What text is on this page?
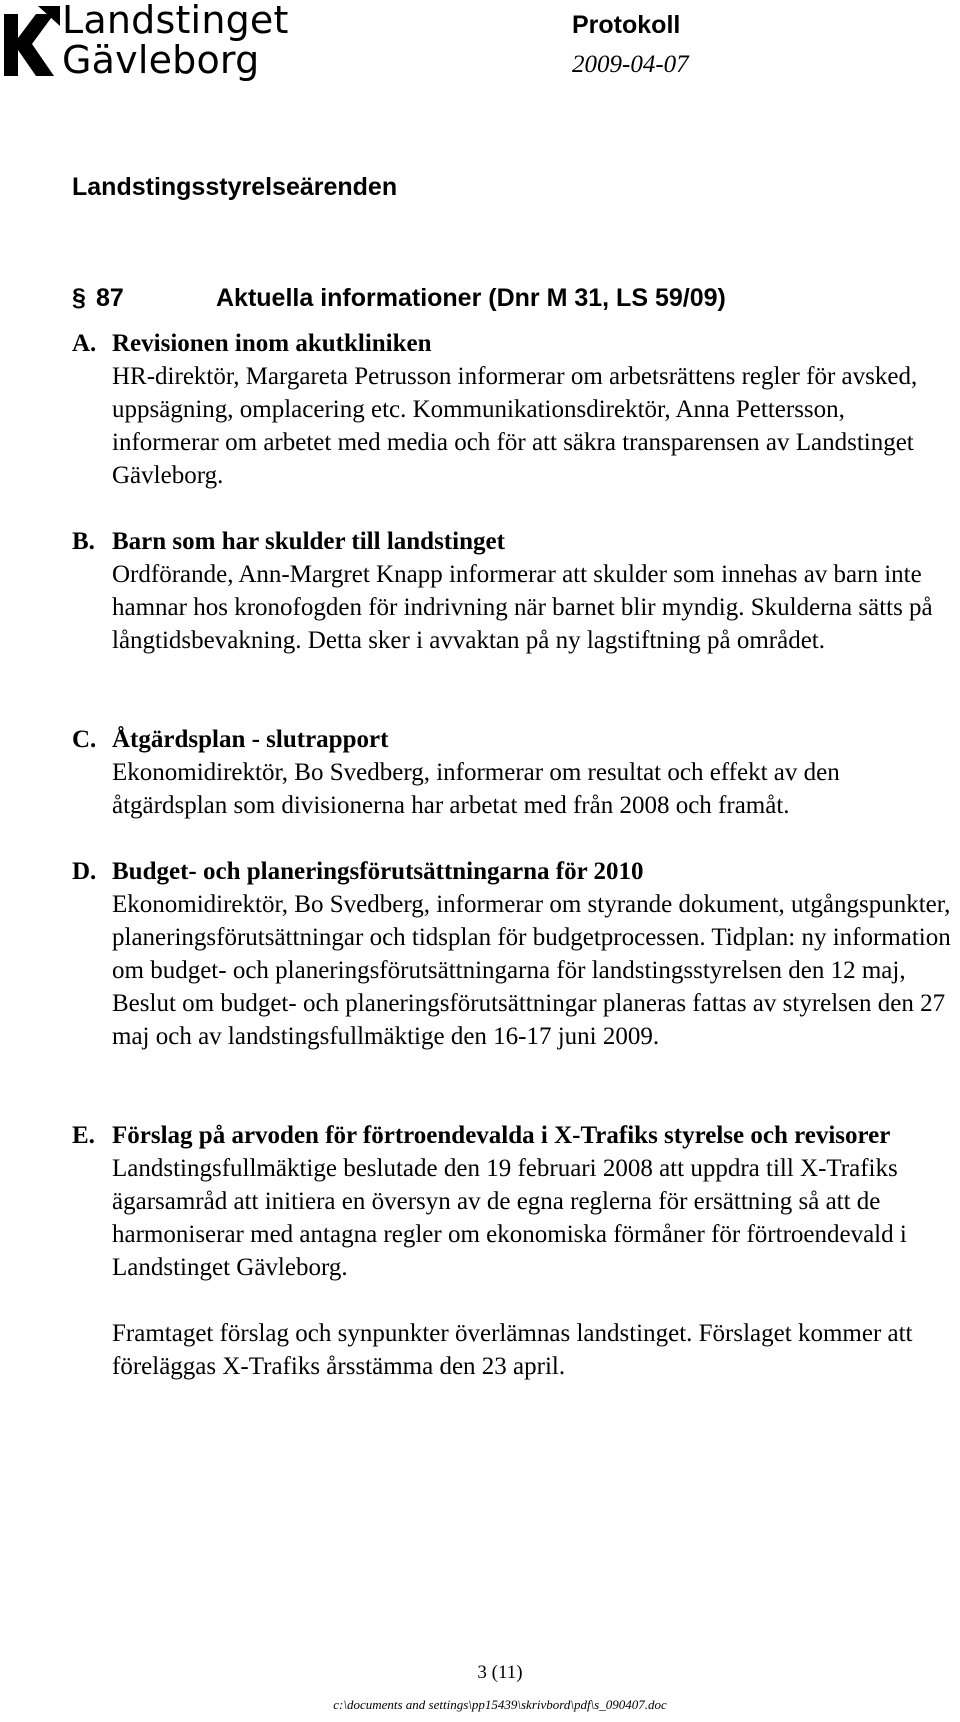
Landstinget
Gävleborg
Protokoll
2009-04-07
Landstingsstyrelseärenden
§ 87	Aktuella informationer (Dnr M 31, LS 59/09)
A. Revisionen inom akutkliniken
HR-direktör, Margareta Petrusson informerar om arbetsrättens regler för avsked, uppsägning, omplacering etc. Kommunikationsdirektör, Anna Pettersson, informerar om arbetet med media och för att säkra transparensen av Landstinget Gävleborg.
B. Barn som har skulder till landstinget
Ordförande, Ann-Margret Knapp informerar att skulder som innehas av barn inte hamnar hos kronofogden för indrivning när barnet blir myndig. Skulderna sätts på långtidsbevakning. Detta sker i avvaktan på ny lagstiftning på området.
C. Åtgärdsplan - slutrapport
Ekonomidirektör, Bo Svedberg, informerar om resultat och effekt av den åtgärdsplan som divisionerna har arbetat med från 2008 och framåt.
D. Budget- och planeringsförutsättningarna för 2010
Ekonomidirektör, Bo Svedberg, informerar om styrande dokument, utgångspunkter, planeringsförutsättningar och tidsplan för budgetprocessen. Tidplan: ny information om budget- och planeringsförutsättningarna för landstingsstyrelsen den 12 maj, Beslut om budget- och planeringsförutsättningar planeras fattas av styrelsen den 27 maj och av landstingsfullmäktige den 16-17 juni 2009.
E. Förslag på arvoden för förtroendevalda i X-Trafiks styrelse och revisorer
Landstingsfullmäktige beslutade den 19 februari 2008 att uppdra till X-Trafiks ägarsamråd att initiera en översyn av de egna reglerna för ersättning så att de harmoniserar med antagna regler om ekonomiska förmåner för förtroendevald i Landstinget Gävleborg.
Framtaget förslag och synpunkter överlämnas landstinget. Förslaget kommer att föreläggas X-Trafiks årsstämma den 23 april.
3 (11)
c:\documents and settings\pp15439\skrivbord\pdf\s_090407.doc
